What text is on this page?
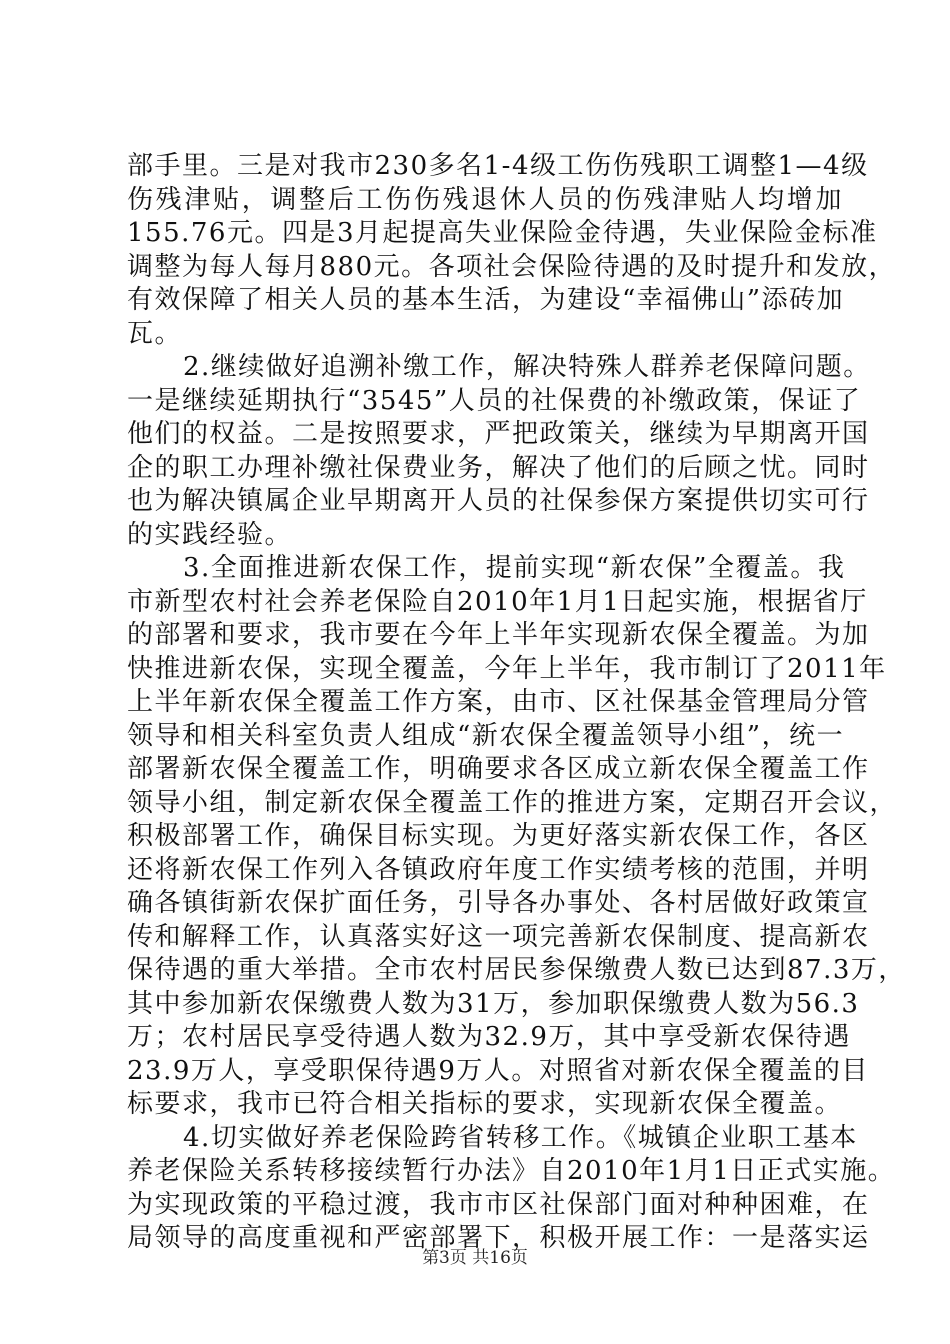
部手里。三是对我市230多名1-4级工伤伤残职工调整1—4级
伤残津贴，调整后工伤伤残退休人员的伤残津贴人均增加
155.76元。四是3月起提高失业保险金待遇，失业保险金标准
调整为每人每月880元。各项社会保险待遇的及时提升和发放，
有效保障了相关人员的基本生活，为建设“幸福佛山”添砖加
瓦。
2.继续做好追溯补缴工作，解决特殊人群养老保障问题。
一是继续延期执行“3545”人员的社保费的补缴政策，保证了
他们的权益。二是按照要求，严把政策关，继续为早期离开国
企的职工办理补缴社保费业务，解决了他们的后顾之忧。同时
也为解决镇属企业早期离开人员的社保参保方案提供切实可行
的实践经验。
3.全面推进新农保工作，提前实现“新农保”全覆盖。我
市新型农村社会养老保险自2010年1月1日起实施，根据省厅
的部署和要求，我市要在今年上半年实现新农保全覆盖。为加
快推进新农保，实现全覆盖，今年上半年，我市制订了2011年
上半年新农保全覆盖工作方案，由市、区社保基金管理局分管
领导和相关科室负责人组成“新农保全覆盖领导小组”，统一
部署新农保全覆盖工作，明确要求各区成立新农保全覆盖工作
领导小组，制定新农保全覆盖工作的推进方案，定期召开会议，
积极部署工作，确保目标实现。为更好落实新农保工作，各区
还将新农保工作列入各镇政府年度工作实绩考核的范围，并明
确各镇街新农保扩面任务，引导各办事处、各村居做好政策宣
传和解释工作，认真落实好这一项完善新农保制度、提高新农
保待遇的重大举措。全市农村居民参保缴费人数已达到87.3万，
其中参加新农保缴费人数为31万，参加职保缴费人数为56.3
万；农村居民享受待遇人数为32.9万，其中享受新农保待遇
23.9万人，享受职保待遇9万人。对照省对新农保全覆盖的目
标要求，我市已符合相关指标的要求，实现新农保全覆盖。
4.切实做好养老保险跨省转移工作。《城镇企业职工基本
养老保险关系转移接续暂行办法》自2010年1月1日正式实施。
为实现政策的平稳过渡，我市市区社保部门面对种种困难，在
局领导的高度重视和严密部署下，积极开展工作：一是落实运
第3页 共16页
